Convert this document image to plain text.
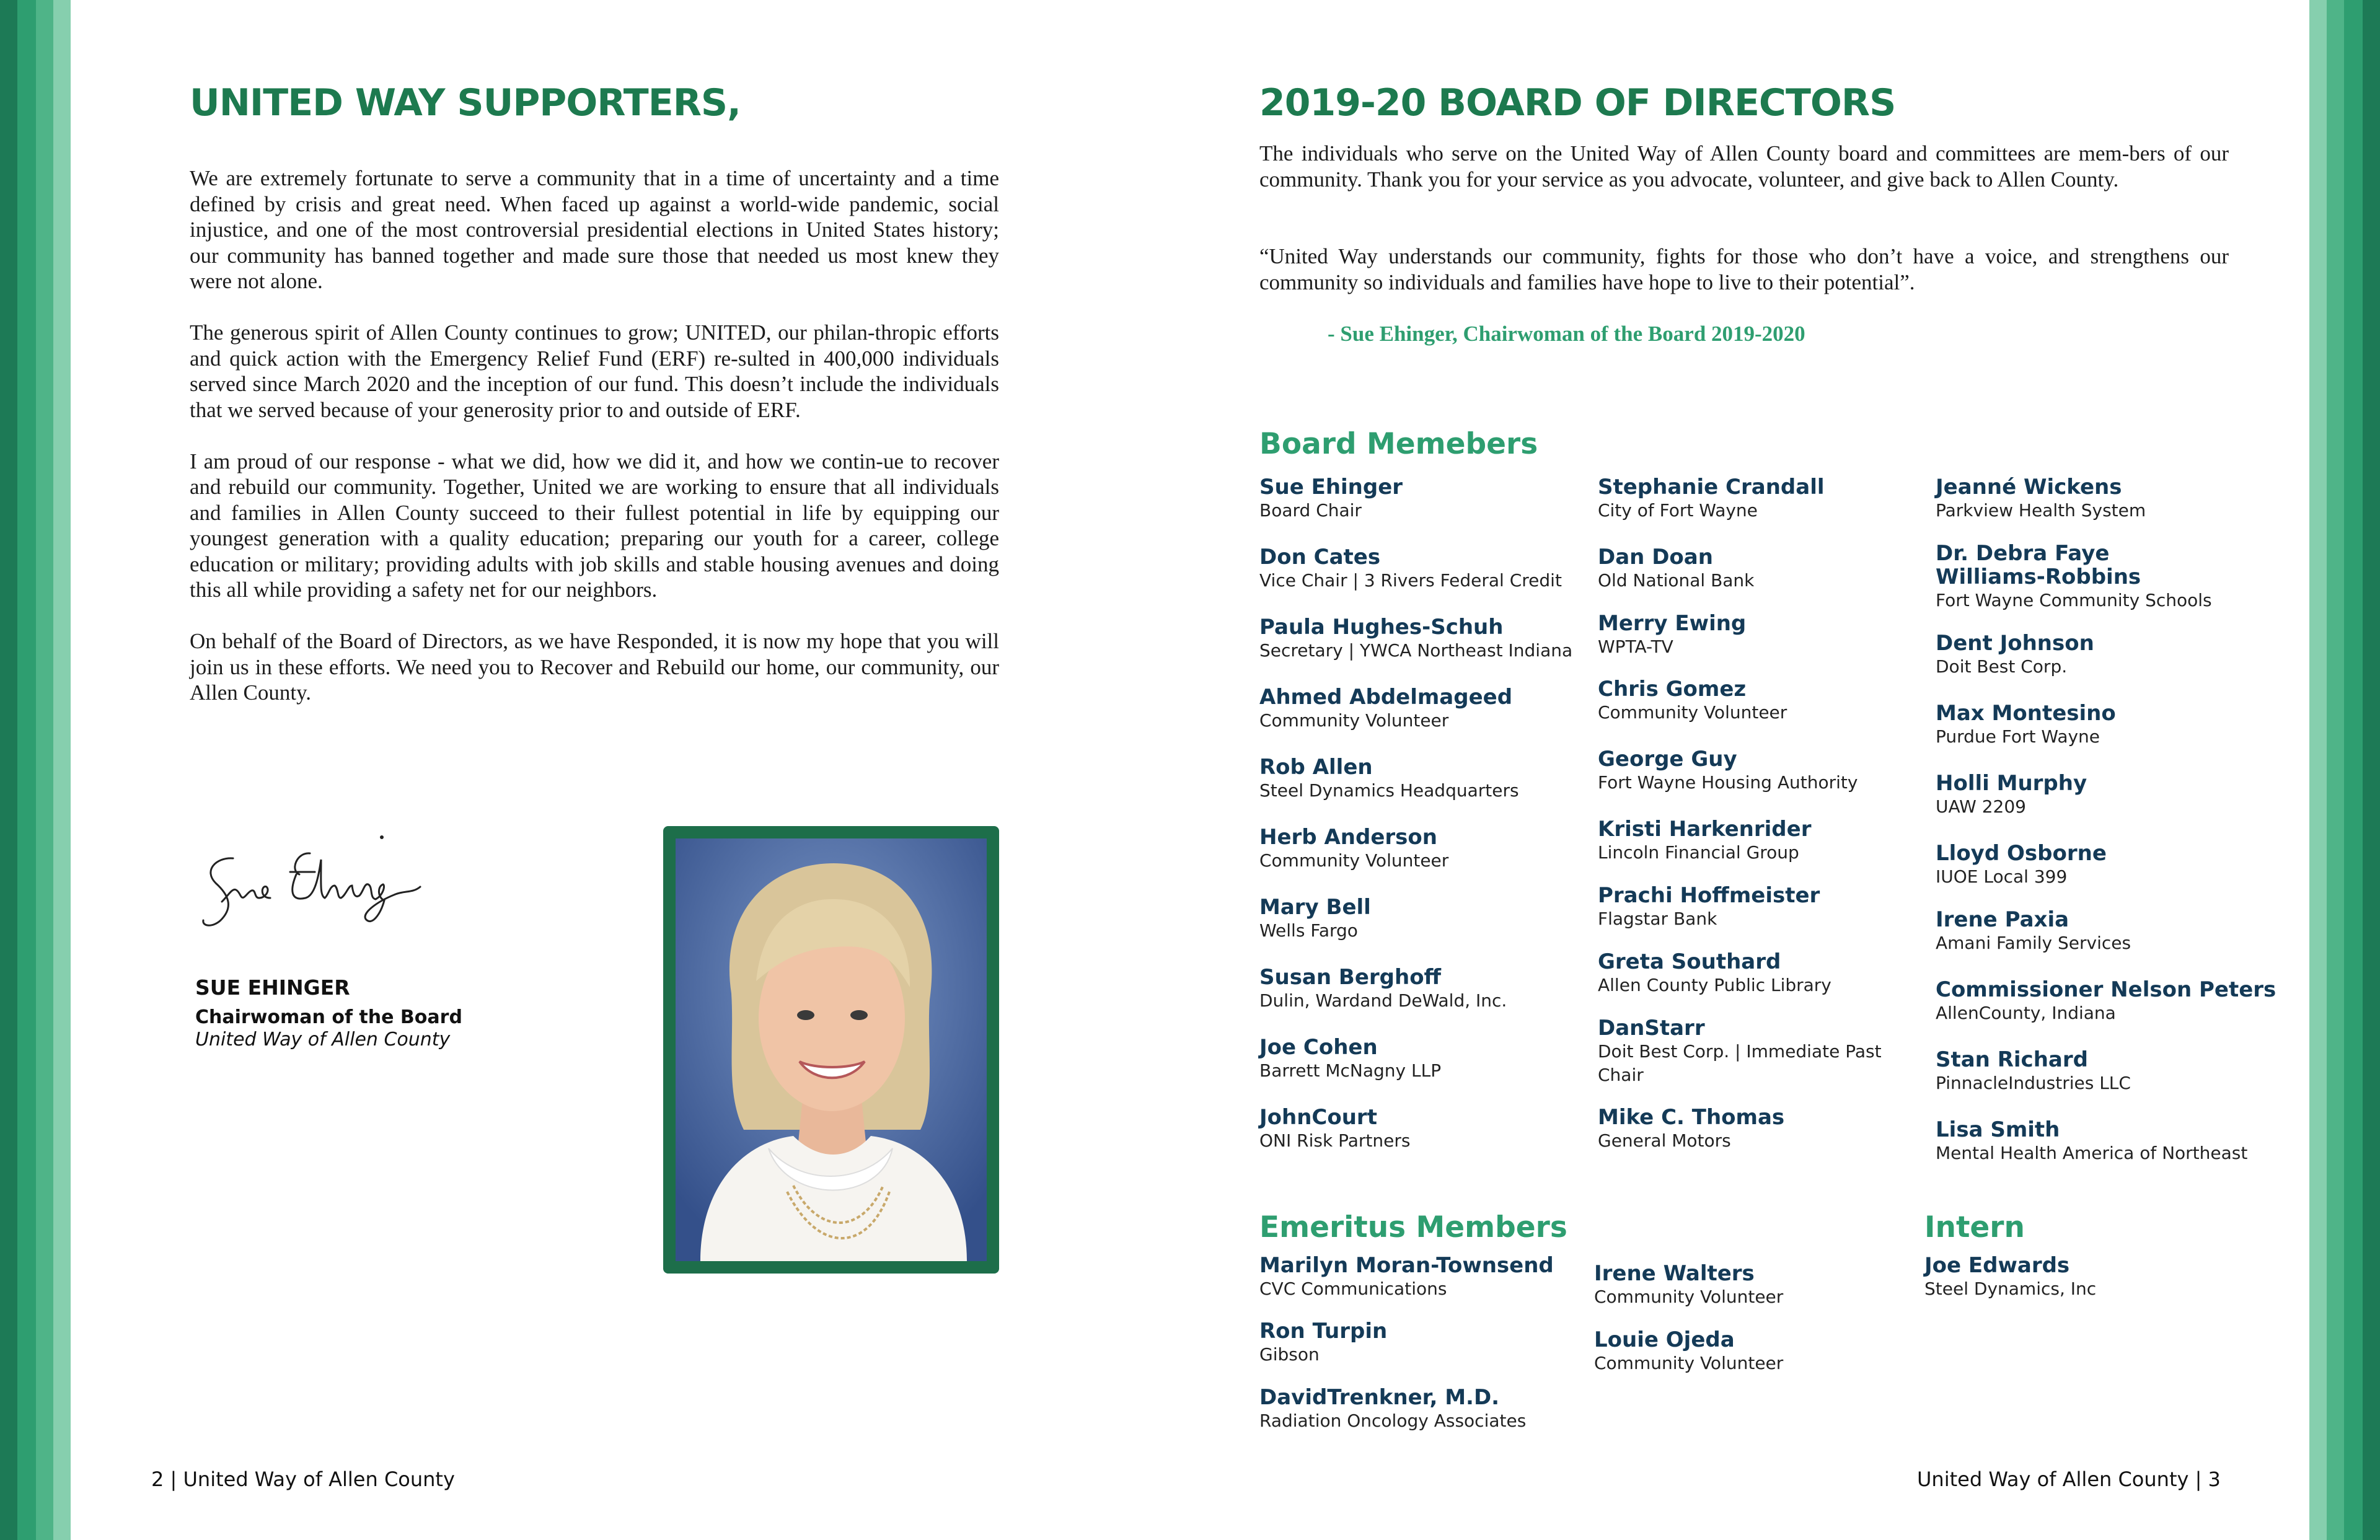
UNITED WAY SUPPORTERS,

We are extremely fortunate to serve a community that in a time of uncertainty and a time defined by crisis and great need. When faced up against a world-wide pandemic, social injustice, and one of the most controversial presidential elections in United States history; our community has banned together and made sure those that needed us most knew they were not alone.

The generous spirit of Allen County continues to grow; UNITED, our philan-thropic efforts and quick action with the Emergency Relief Fund (ERF) re-sulted in 400,000 individuals served since March 2020 and the inception of our fund. This doesn’t include the individuals that we served because of your generosity prior to and outside of ERF.

I am proud of our response - what we did, how we did it, and how we contin-ue to recover and rebuild our community. Together, United we are working to ensure that all individuals and families in Allen County succeed to their fullest potential in life by equipping our youngest generation with a quality education; preparing our youth for a career, college education or military; providing adults with job skills and stable housing avenues and doing this all while providing a safety net for our neighbors.

On behalf of the Board of Directors, as we have Responded, it is now my hope that you will join us in these efforts. We need you to Recover and Rebuild our home, our community, our Allen County.

SUE EHINGER
Chairwoman of the Board
United Way of Allen County
2 | United Way of Allen County
2019-20 BOARD OF DIRECTORS
The individuals who serve on the United Way of Allen County board and committees are mem-bers of our community. Thank you for your service as you advocate, volunteer, and give back to Allen County.
“United Way understands our community, fights for those who don’t have a voice, and strengthens our community so individuals and families have hope to live to their potential”.
- Sue Ehinger, Chairwoman of the Board 2019-2020
Board Memebers
Sue Ehinger
Board Chair
Don Cates
Vice Chair | 3 Rivers Federal Credit
Paula Hughes-Schuh
Secretary | YWCA Northeast Indiana
Ahmed Abdelmageed
Community Volunteer
Rob Allen
Steel Dynamics Headquarters
Herb Anderson
Community Volunteer
Mary Bell
Wells Fargo
Susan Berghoff
Dulin, Wardand DeWald, Inc.
Joe Cohen
Barrett McNagny LLP
JohnCourt
ONI Risk Partners
Stephanie Crandall
City of Fort Wayne
Dan Doan
Old National Bank
Merry Ewing
WPTA-TV
Chris Gomez
Community Volunteer
George Guy
Fort Wayne Housing Authority
Kristi Harkenrider
Lincoln Financial Group
Prachi Hoffmeister
Flagstar Bank
Greta Southard
Allen County Public Library
DanStarr
Doit Best Corp. | Immediate Past
Chair
Mike C. Thomas
General Motors
Jeanné Wickens
Parkview Health System
Dr. Debra Faye
Williams-Robbins
Fort Wayne Community Schools
Dent Johnson
Doit Best Corp.
Max Montesino
Purdue Fort Wayne
Holli Murphy
UAW 2209
Lloyd Osborne
IUOE Local 399
Irene Paxia
Amani Family Services
Commissioner Nelson Peters
AllenCounty, Indiana
Stan Richard
PinnacleIndustries LLC
Lisa Smith
Mental Health America of Northeast
Emeritus Members
Marilyn Moran-Townsend
CVC Communications
Ron Turpin
Gibson
DavidTrenkner, M.D.
Radiation Oncology Associates
Irene Walters
Community Volunteer
Louie Ojeda
Community Volunteer
Intern
Joe Edwards
Steel Dynamics, Inc
United Way of Allen County | 3
